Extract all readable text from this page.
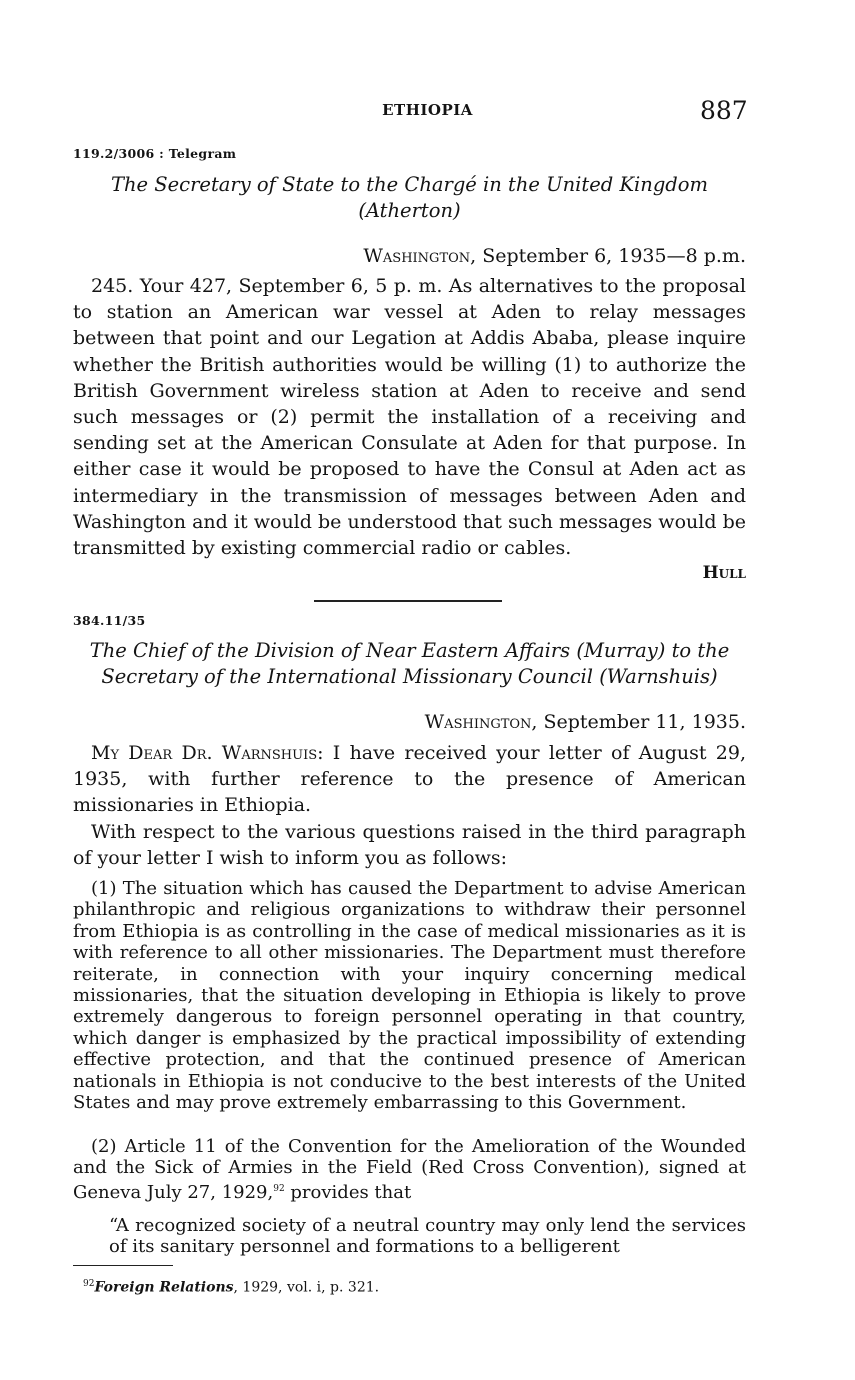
ETHIOPIA	887
119.2/3006 : Telegram
The Secretary of State to the Chargé in the United Kingdom
(Atherton)
Washington, September 6, 1935—8 p.m.
245. Your 427, September 6, 5 p. m. As alternatives to the proposal to station an American war vessel at Aden to relay messages between that point and our Legation at Addis Ababa, please inquire whether the British authorities would be willing (1) to authorize the British Government wireless station at Aden to receive and send such messages or (2) permit the installation of a receiving and sending set at the American Consulate at Aden for that purpose. In either case it would be proposed to have the Consul at Aden act as intermediary in the transmission of messages between Aden and Washington and it would be understood that such messages would be transmitted by existing commercial radio or cables.
Hull
384.11/35
The Chief of the Division of Near Eastern Affairs (Murray) to the
Secretary of the International Missionary Council (Warnshuis)
Washington, September 11, 1935.
My Dear Dr. Warnshuis: I have received your letter of August 29, 1935, with further reference to the presence of American missionaries in Ethiopia.
With respect to the various questions raised in the third paragraph of your letter I wish to inform you as follows:
(1) The situation which has caused the Department to advise American philanthropic and religious organizations to withdraw their personnel from Ethiopia is as controlling in the case of medical missionaries as it is with reference to all other missionaries. The Department must therefore reiterate, in connection with your inquiry concerning medical missionaries, that the situation developing in Ethiopia is likely to prove extremely dangerous to foreign personnel operating in that country, which danger is emphasized by the practical impossibility of extending effective protection, and that the continued presence of American nationals in Ethiopia is not conducive to the best interests of the United States and may prove extremely embarrassing to this Government.
(2) Article 11 of the Convention for the Amelioration of the Wounded and the Sick of Armies in the Field (Red Cross Convention), signed at Geneva July 27, 1929,92 provides that
“A recognized society of a neutral country may only lend the services of its sanitary personnel and formations to a belligerent
$^{92}$Foreign Relations, 1929, vol. i, p. 321.
